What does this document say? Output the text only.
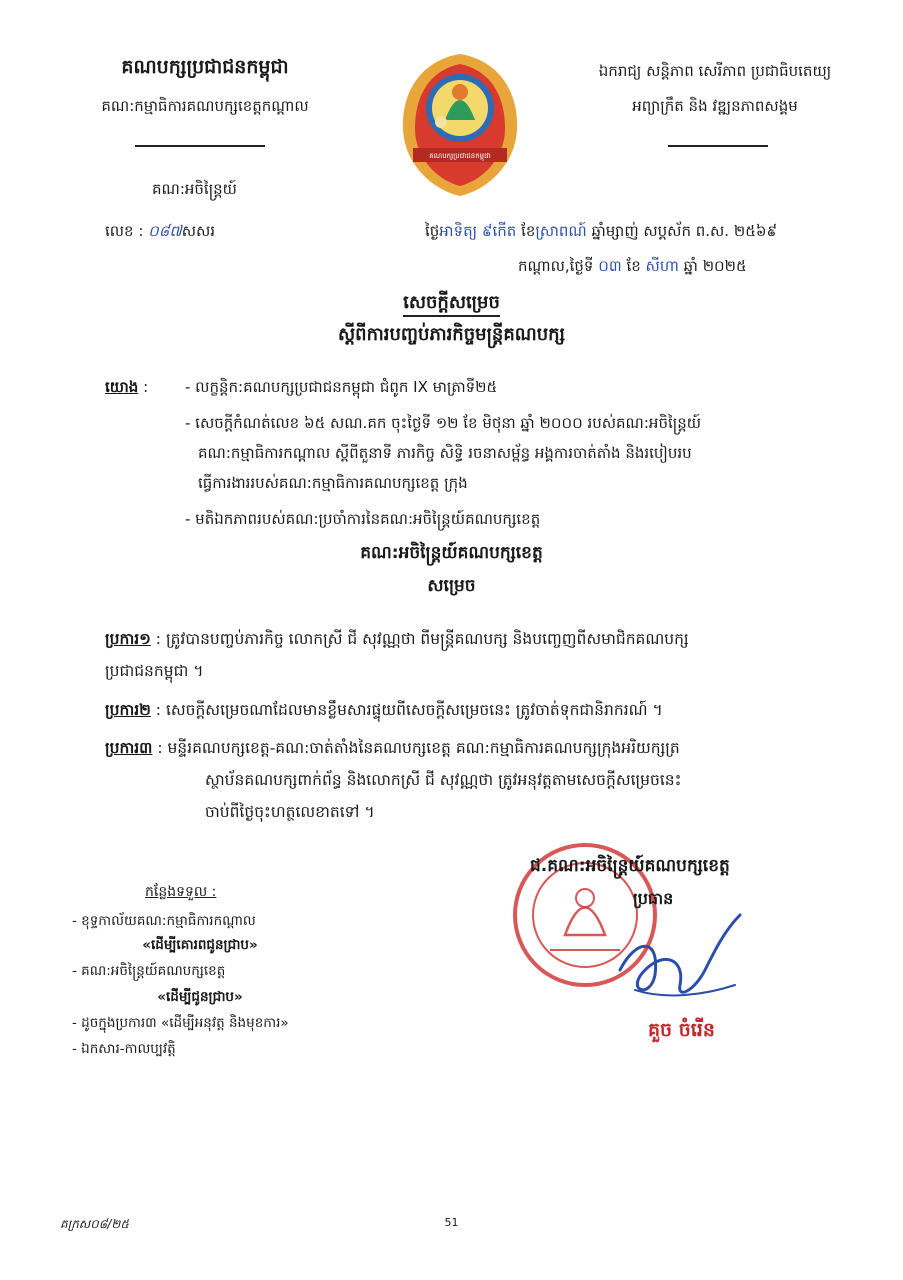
គណបក្សប្រជាជនកម្ពុជា
គណ:កម្មាធិការគណបក្សខេត្តកណ្ដាល
គណបក្សប្រជាជនកម្ពុជា
ឯករាជ្យ សន្តិភាព សេរីភាព ប្រជាធិបតេយ្យ
អព្យាក្រឹត និង វឌ្ឍនភាពសង្គម
គណ:អចិន្ត្រៃយ៍
លេខ : ០៨៧សសរ	ថ្ងៃអាទិត្យ ៩កើត ខែស្រាពណ៍ ឆ្នាំម្សាញ់ សប្តស័ក ព.ស. ២៥៦៩
កណ្ដាល,ថ្ងៃទី ០៣ ខែ សីហា ឆ្នាំ ២០២៥
សេចក្ដីសម្រេច
ស្ដីពីការបញ្ចប់ភារកិច្ចមន្ត្រីគណបក្ស
យោង : - លក្ខន្តិក:គណបក្សប្រជាជនកម្ពុជា ជំពូក IX មាត្រាទី២៥
- សេចក្ដីកំណត់លេខ ៦៥ សណ.គក ចុះថ្ងៃទី ១២ ខែ មិថុនា ឆ្នាំ ២០០០ របស់គណ:អចិន្ត្រៃយ៍
គណ:កម្មាធិការកណ្ដាល ស្ដីពីតួនាទី ភារកិច្ច សិទ្ធិ រចនាសម្ព័ន្ធ អង្គការចាត់តាំង និងរបៀបរប
ធ្វើការងាររបស់គណ:កម្មាធិការគណបក្សខេត្ត ក្រុង
- មតិឯកភាពរបស់គណ:ប្រចាំការនៃគណ:អចិន្ត្រៃយ៍គណបក្សខេត្ត
គណ:អចិន្ត្រៃយ៍គណបក្សខេត្ត
សម្រេច
ប្រការ១ : ត្រូវបានបញ្ចប់ភារកិច្ច លោកស្រី ជី សុវណ្ណថា ពីមន្ត្រីគណបក្ស និងបញ្ចេញពីសមាជិកគណបក្ស
ប្រជាជនកម្ពុជា ។
ប្រការ២ : សេចក្ដីសម្រេចណាដែលមានខ្លឹមសារផ្ទុយពីសេចក្ដីសម្រេចនេះ ត្រូវចាត់ទុកជានិរាករណ៍ ។
ប្រការ៣ : មន្ទីរគណបក្សខេត្ត-គណ:ចាត់តាំងនៃគណបក្សខេត្ត គណ:កម្មាធិការគណបក្សក្រុងអរិយក្សត្រ
ស្ថាប័នគណបក្សពាក់ព័ន្ធ និងលោកស្រី ជី សុវណ្ណថា ត្រូវអនុវត្តតាមសេចក្ដីសម្រេចនេះ
ចាប់ពីថ្ងៃចុះហត្ថលេខាតទៅ ។
ជ.គណ:អចិន្ត្រៃយ៍គណបក្សខេត្ត
ប្រធាន
គួច ចំរើន
កន្លែងទទួល :
- ខុទ្ទកាល័យគណ:កម្មាធិការកណ្ដាល
«ដើម្បីគោរពជូនជ្រាប»
- គណ:អចិន្ត្រៃយ៍គណបក្សខេត្ត
«ដើម្បីជូនជ្រាប»
- ដូចក្នុងប្រការ៣ «ដើម្បីអនុវត្ត និងមុខការ»
- ឯកសារ-កាលប្បវត្តិ
គក្រស០៨/២៥	51
